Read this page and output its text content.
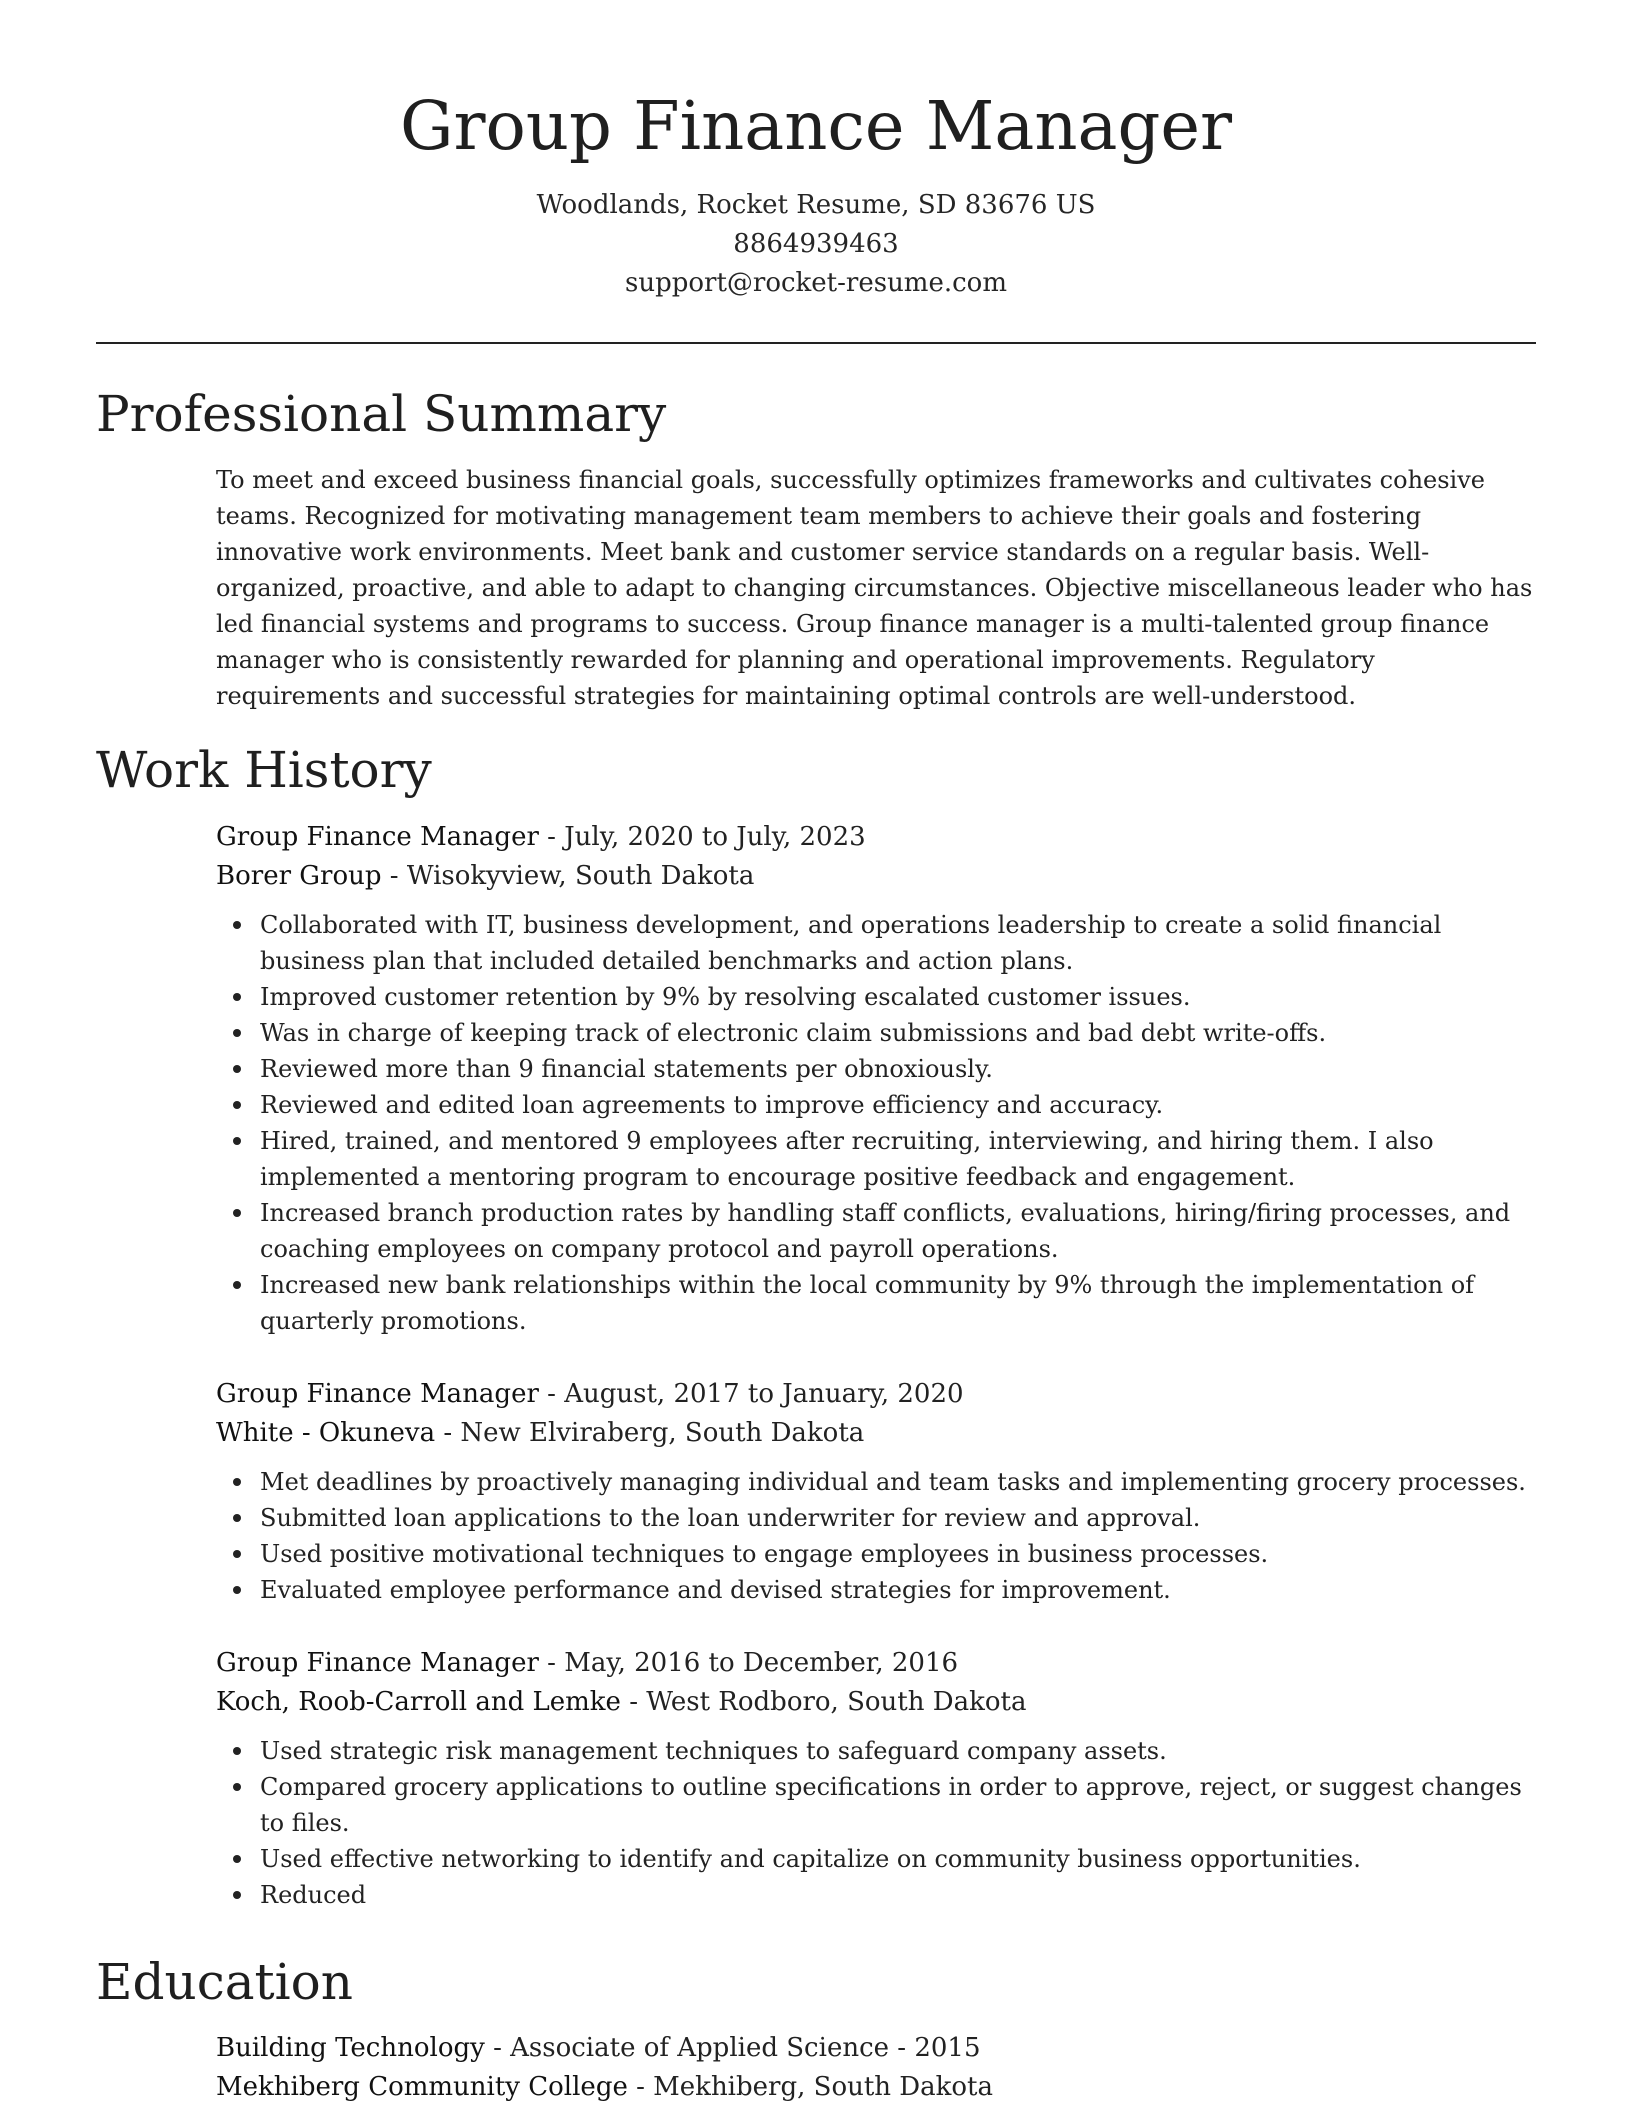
Group Finance Manager
Woodlands, Rocket Resume, SD 83676 US
8864939463
support@rocket-resume.com
Professional Summary
To meet and exceed business financial goals, successfully optimizes frameworks and cultivates cohesive teams. Recognized for motivating management team members to achieve their goals and fostering innovative work environments. Meet bank and customer service standards on a regular basis. Well-organized, proactive, and able to adapt to changing circumstances. Objective miscellaneous leader who has led financial systems and programs to success. Group finance manager is a multi-talented group finance manager who is consistently rewarded for planning and operational improvements. Regulatory requirements and successful strategies for maintaining optimal controls are well-understood.
Work History
Group Finance Manager - July, 2020 to July, 2023
Borer Group - Wisokyview, South Dakota
Collaborated with IT, business development, and operations leadership to create a solid financial business plan that included detailed benchmarks and action plans.
Improved customer retention by 9% by resolving escalated customer issues.
Was in charge of keeping track of electronic claim submissions and bad debt write-offs.
Reviewed more than 9 financial statements per obnoxiously.
Reviewed and edited loan agreements to improve efficiency and accuracy.
Hired, trained, and mentored 9 employees after recruiting, interviewing, and hiring them. I also implemented a mentoring program to encourage positive feedback and engagement.
Increased branch production rates by handling staff conflicts, evaluations, hiring/firing processes, and coaching employees on company protocol and payroll operations.
Increased new bank relationships within the local community by 9% through the implementation of quarterly promotions.
Group Finance Manager - August, 2017 to January, 2020
White - Okuneva - New Elviraberg, South Dakota
Met deadlines by proactively managing individual and team tasks and implementing grocery processes.
Submitted loan applications to the loan underwriter for review and approval.
Used positive motivational techniques to engage employees in business processes.
Evaluated employee performance and devised strategies for improvement.
Group Finance Manager - May, 2016 to December, 2016
Koch, Roob-Carroll and Lemke - West Rodboro, South Dakota
Used strategic risk management techniques to safeguard company assets.
Compared grocery applications to outline specifications in order to approve, reject, or suggest changes to files.
Used effective networking to identify and capitalize on community business opportunities.
Reduced
Education
Building Technology - Associate of Applied Science - 2015
Mekhiberg Community College - Mekhiberg, South Dakota
